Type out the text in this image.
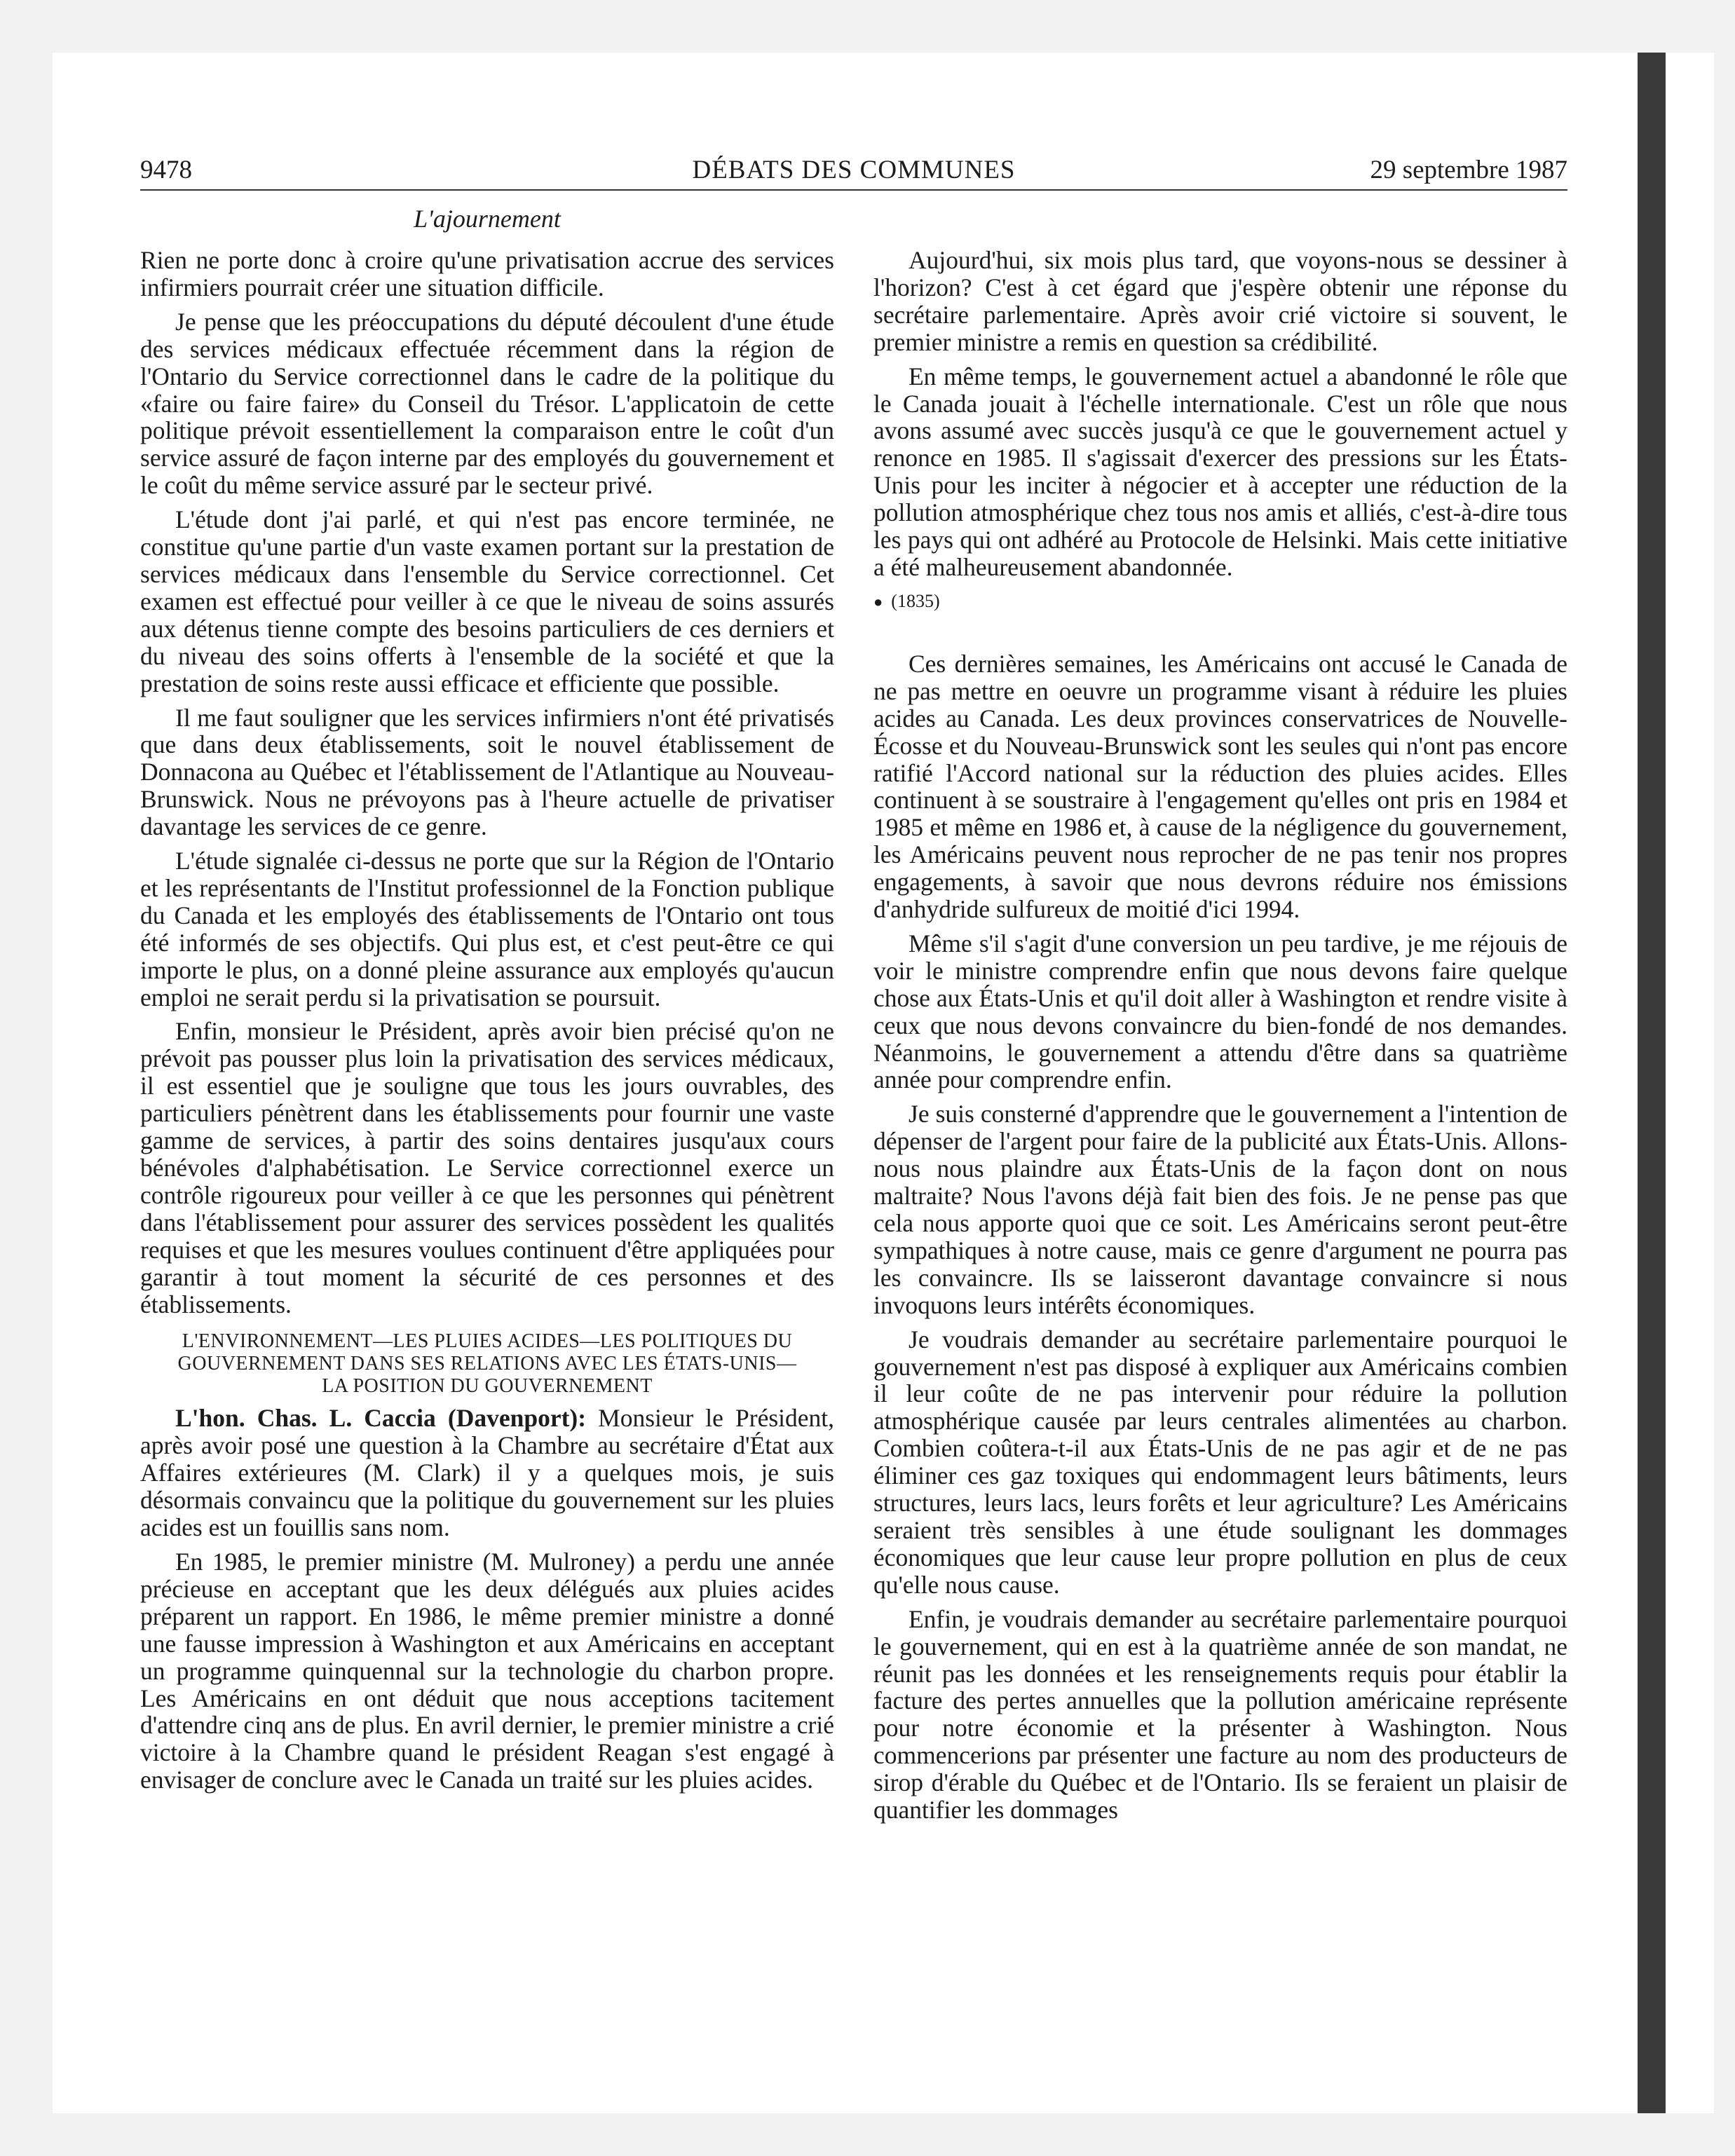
9478	DÉBATS DES COMMUNES	29 septembre 1987
L'ajournement

Rien ne porte donc à croire qu'une privatisation accrue des services infirmiers pourrait créer une situation difficile.

Je pense que les préoccupations du député découlent d'une étude des services médicaux effectuée récemment dans la région de l'Ontario du Service correctionnel dans le cadre de la politique du «faire ou faire faire» du Conseil du Trésor. L'applicatoin de cette politique prévoit essentiellement la comparaison entre le coût d'un service assuré de façon interne par des employés du gouvernement et le coût du même service assuré par le secteur privé.

L'étude dont j'ai parlé, et qui n'est pas encore terminée, ne constitue qu'une partie d'un vaste examen portant sur la prestation de services médicaux dans l'ensemble du Service correctionnel. Cet examen est effectué pour veiller à ce que le niveau de soins assurés aux détenus tienne compte des besoins particuliers de ces derniers et du niveau des soins offerts à l'ensemble de la société et que la prestation de soins reste aussi efficace et efficiente que possible.

Il me faut souligner que les services infirmiers n'ont été privatisés que dans deux établissements, soit le nouvel établissement de Donnacona au Québec et l'établissement de l'Atlantique au Nouveau-Brunswick. Nous ne prévoyons pas à l'heure actuelle de privatiser davantage les services de ce genre.

L'étude signalée ci-dessus ne porte que sur la Région de l'Ontario et les représentants de l'Institut professionnel de la Fonction publique du Canada et les employés des établissements de l'Ontario ont tous été informés de ses objectifs. Qui plus est, et c'est peut-être ce qui importe le plus, on a donné pleine assurance aux employés qu'aucun emploi ne serait perdu si la privatisation se poursuit.

Enfin, monsieur le Président, après avoir bien précisé qu'on ne prévoit pas pousser plus loin la privatisation des services médicaux, il est essentiel que je souligne que tous les jours ouvrables, des particuliers pénètrent dans les établissements pour fournir une vaste gamme de services, à partir des soins dentaires jusqu'aux cours bénévoles d'alphabétisation. Le Service correctionnel exerce un contrôle rigoureux pour veiller à ce que les personnes qui pénètrent dans l'établissement pour assurer des services possèdent les qualités requises et que les mesures voulues continuent d'être appliquées pour garantir à tout moment la sécurité de ces personnes et des établissements.

L'ENVIRONNEMENT—LES PLUIES ACIDES—LES POLITIQUES DU
GOUVERNEMENT DANS SES RELATIONS AVEC LES ÉTATS-UNIS—
LA POSITION DU GOUVERNEMENT

L'hon. Chas. L. Caccia (Davenport): Monsieur le Président, après avoir posé une question à la Chambre au secrétaire d'État aux Affaires extérieures (M. Clark) il y a quelques mois, je suis désormais convaincu que la politique du gouvernement sur les pluies acides est un fouillis sans nom.

En 1985, le premier ministre (M. Mulroney) a perdu une année précieuse en acceptant que les deux délégués aux pluies acides préparent un rapport. En 1986, le même premier ministre a donné une fausse impression à Washington et aux Américains en acceptant un programme quinquennal sur la technologie du charbon propre. Les Américains en ont déduit que nous acceptions tacitement d'attendre cinq ans de plus. En avril dernier, le premier ministre a crié victoire à la Chambre quand le président Reagan s'est engagé à envisager de conclure avec le Canada un traité sur les pluies acides.

Aujourd'hui, six mois plus tard, que voyons-nous se dessiner à l'horizon? C'est à cet égard que j'espère obtenir une réponse du secrétaire parlementaire. Après avoir crié victoire si souvent, le premier ministre a remis en question sa crédibilité.

En même temps, le gouvernement actuel a abandonné le rôle que le Canada jouait à l'échelle internationale. C'est un rôle que nous avons assumé avec succès jusqu'à ce que le gouvernement actuel y renonce en 1985. Il s'agissait d'exercer des pressions sur les États-Unis pour les inciter à négocier et à accepter une réduction de la pollution atmosphérique chez tous nos amis et alliés, c'est-à-dire tous les pays qui ont adhéré au Protocole de Helsinki. Mais cette initiative a été malheureusement abandonnée.

● (1835)

Ces dernières semaines, les Américains ont accusé le Canada de ne pas mettre en oeuvre un programme visant à réduire les pluies acides au Canada. Les deux provinces conservatrices de Nouvelle-Écosse et du Nouveau-Brunswick sont les seules qui n'ont pas encore ratifié l'Accord national sur la réduction des pluies acides. Elles continuent à se soustraire à l'engagement qu'elles ont pris en 1984 et 1985 et même en 1986 et, à cause de la négligence du gouvernement, les Américains peuvent nous reprocher de ne pas tenir nos propres engagements, à savoir que nous devrons réduire nos émissions d'anhydride sulfureux de moitié d'ici 1994.

Même s'il s'agit d'une conversion un peu tardive, je me réjouis de voir le ministre comprendre enfin que nous devons faire quelque chose aux États-Unis et qu'il doit aller à Washington et rendre visite à ceux que nous devons convaincre du bien-fondé de nos demandes. Néanmoins, le gouvernement a attendu d'être dans sa quatrième année pour comprendre enfin.

Je suis consterné d'apprendre que le gouvernement a l'intention de dépenser de l'argent pour faire de la publicité aux États-Unis. Allons-nous nous plaindre aux États-Unis de la façon dont on nous maltraite? Nous l'avons déjà fait bien des fois. Je ne pense pas que cela nous apporte quoi que ce soit. Les Américains seront peut-être sympathiques à notre cause, mais ce genre d'argument ne pourra pas les convaincre. Ils se laisseront davantage convaincre si nous invoquons leurs intérêts économiques.

Je voudrais demander au secrétaire parlementaire pourquoi le gouvernement n'est pas disposé à expliquer aux Américains combien il leur coûte de ne pas intervenir pour réduire la pollution atmosphérique causée par leurs centrales alimentées au charbon. Combien coûtera-t-il aux États-Unis de ne pas agir et de ne pas éliminer ces gaz toxiques qui endommagent leurs bâtiments, leurs structures, leurs lacs, leurs forêts et leur agriculture? Les Américains seraient très sensibles à une étude soulignant les dommages économiques que leur cause leur propre pollution en plus de ceux qu'elle nous cause.

Enfin, je voudrais demander au secrétaire parlementaire pourquoi le gouvernement, qui en est à la quatrième année de son mandat, ne réunit pas les données et les renseignements requis pour établir la facture des pertes annuelles que la pollution américaine représente pour notre économie et la présenter à Washington. Nous commencerions par présenter une facture au nom des producteurs de sirop d'érable du Québec et de l'Ontario. Ils se feraient un plaisir de quantifier les dommages
